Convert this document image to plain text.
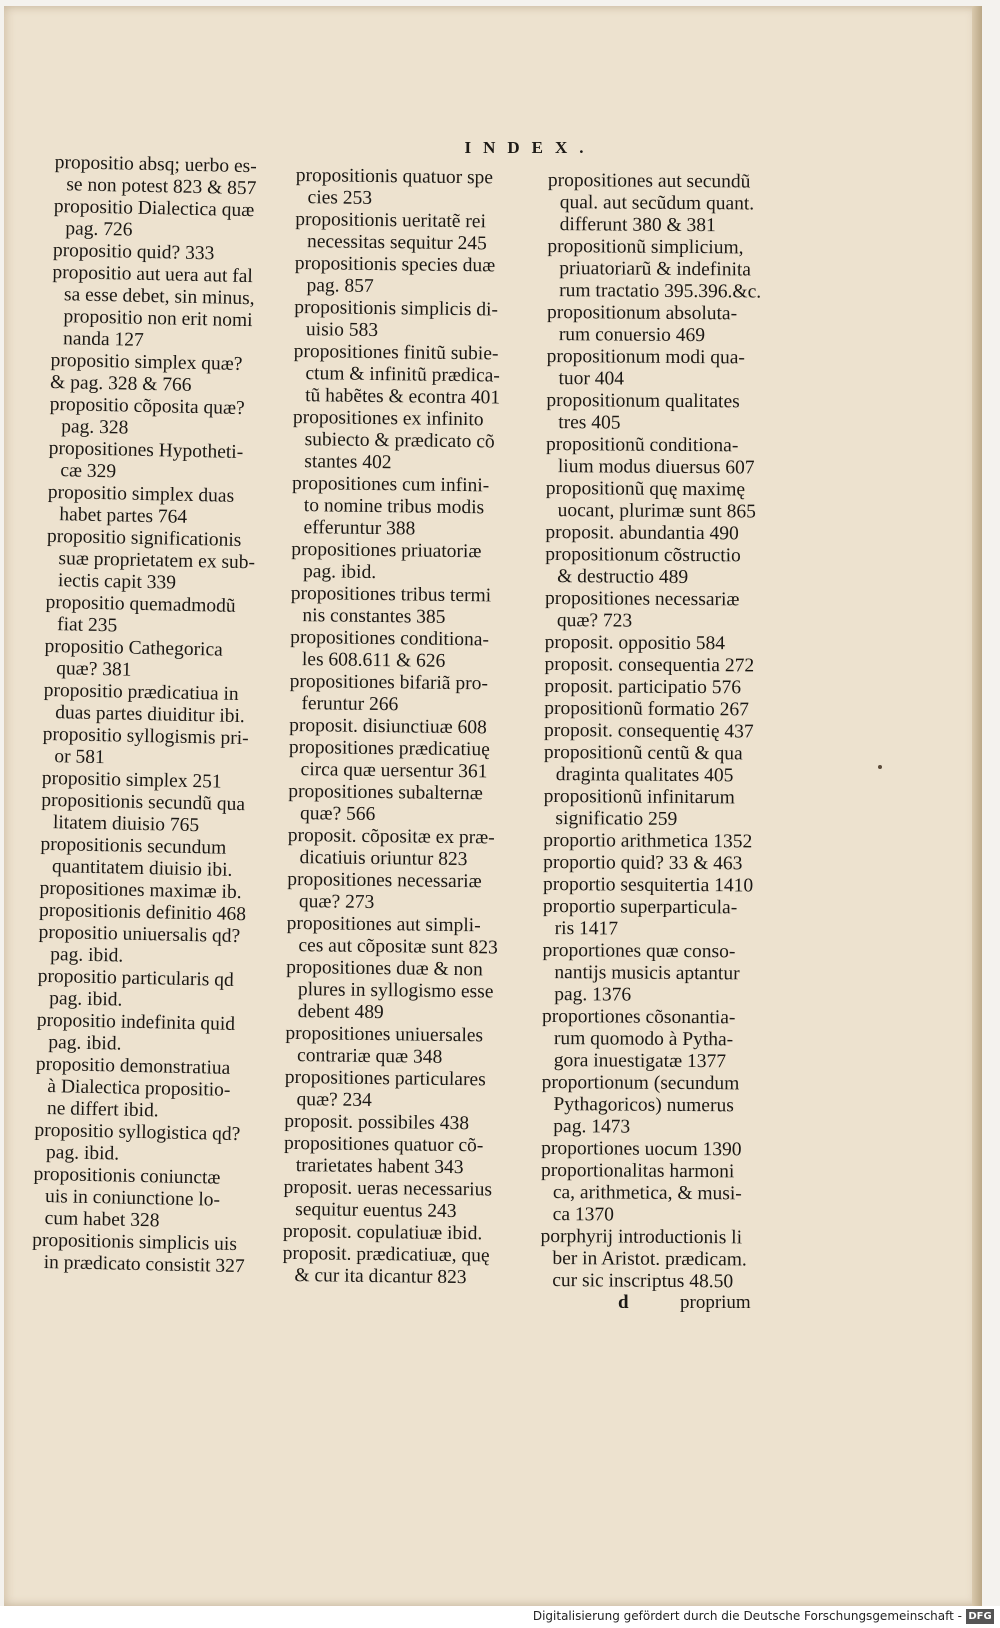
INDEX.
propositio absq; uerbo es-
se non potest 823 & 857
propositio Dialectica quæ
pag. 726
propositio quid? 333
propositio aut uera aut fal
sa esse debet, sin minus,
propositio non erit nomi
nanda 127
propositio simplex quæ?
& pag. 328 & 766
propositio cõposita quæ?
pag. 328
propositiones Hypotheti-
cæ 329
propositio simplex duas
habet partes 764
propositio significationis
suæ proprietatem ex sub-
iectis capit 339
propositio quemadmodũ
fiat 235
propositio Cathegorica
quæ? 381
propositio prædicatiua in
duas partes diuiditur ibi.
propositio syllogismis pri-
or 581
propositio simplex 251
propositionis secundũ qua
litatem diuisio 765
propositionis secundum
quantitatem diuisio ibi.
propositiones maximæ ib.
propositionis definitio 468
propositio uniuersalis qd?
pag. ibid.
propositio particularis qd
pag. ibid.
propositio indefinita quid
pag. ibid.
propositio demonstratiua
à Dialectica propositio-
ne differt ibid.
propositio syllogistica qd?
pag. ibid.
propositionis coniunctæ
uis in coniunctione lo-
cum habet 328
propositionis simplicis uis
in prædicato consistit 327
propositionis quatuor spe
cies 253
propositionis ueritatẽ rei
necessitas sequitur 245
propositionis species duæ
pag. 857
propositionis simplicis di-
uisio 583
propositiones finitũ subie-
ctum & infinitũ prædica-
tũ habẽtes & econtra 401
propositiones ex infinito
subiecto & prædicato cõ
stantes 402
propositiones cum infini-
to nomine tribus modis
efferuntur 388
propositiones priuatoriæ
pag. ibid.
propositiones tribus termi
nis constantes 385
propositiones conditiona-
les 608.611 & 626
propositiones bifariã pro-
feruntur 266
proposit. disiunctiuæ 608
propositiones prædicatiuę
circa quæ uersentur 361
propositiones subalternæ
quæ? 566
proposit. cõpositæ ex præ-
dicatiuis oriuntur 823
propositiones necessariæ
quæ? 273
propositiones aut simpli-
ces aut cõpositæ sunt 823
propositiones duæ & non
plures in syllogismo esse
debent 489
propositiones uniuersales
contrariæ quæ 348
propositiones particulares
quæ? 234
proposit. possibiles 438
propositiones quatuor cõ-
trarietates habent 343
proposit. ueras necessarius
sequitur euentus 243
proposit. copulatiuæ ibid.
proposit. prædicatiuæ, quę
& cur ita dicantur 823
propositiones aut secundũ
qual. aut secũdum quant.
differunt 380 & 381
propositionũ simplicium,
priuatoriarũ & indefinita
rum tractatio 395.396.&c.
propositionum absoluta-
rum conuersio 469
propositionum modi qua-
tuor 404
propositionum qualitates
tres 405
propositionũ conditiona-
lium modus diuersus 607
propositionũ quę maximę
uocant, plurimæ sunt 865
proposit. abundantia 490
propositionum cõstructio
& destructio 489
propositiones necessariæ
quæ? 723
proposit. oppositio 584
proposit. consequentia 272
proposit. participatio 576
propositionũ formatio 267
proposit. consequentię 437
propositionũ centũ & qua
draginta qualitates 405
propositionũ infinitarum
significatio 259
proportio arithmetica 1352
proportio quid? 33 & 463
proportio sesquitertia 1410
proportio superparticula-
ris 1417
proportiones quæ conso-
nantijs musicis aptantur
pag. 1376
proportiones cõsonantia-
rum quomodo à Pytha-
gora inuestigatæ 1377
proportionum (secundum
Pythagoricos) numerus
pag. 1473
proportiones uocum 1390
proportionalitas harmoni
ca, arithmetica, & musi-
ca 1370
porphyrij introductionis li
ber in Aristot. prædicam.
cur sic inscriptus 48.50
d	proprium
Digitalisierung gefördert durch die Deutsche Forschungsgemeinschaft - DFG
